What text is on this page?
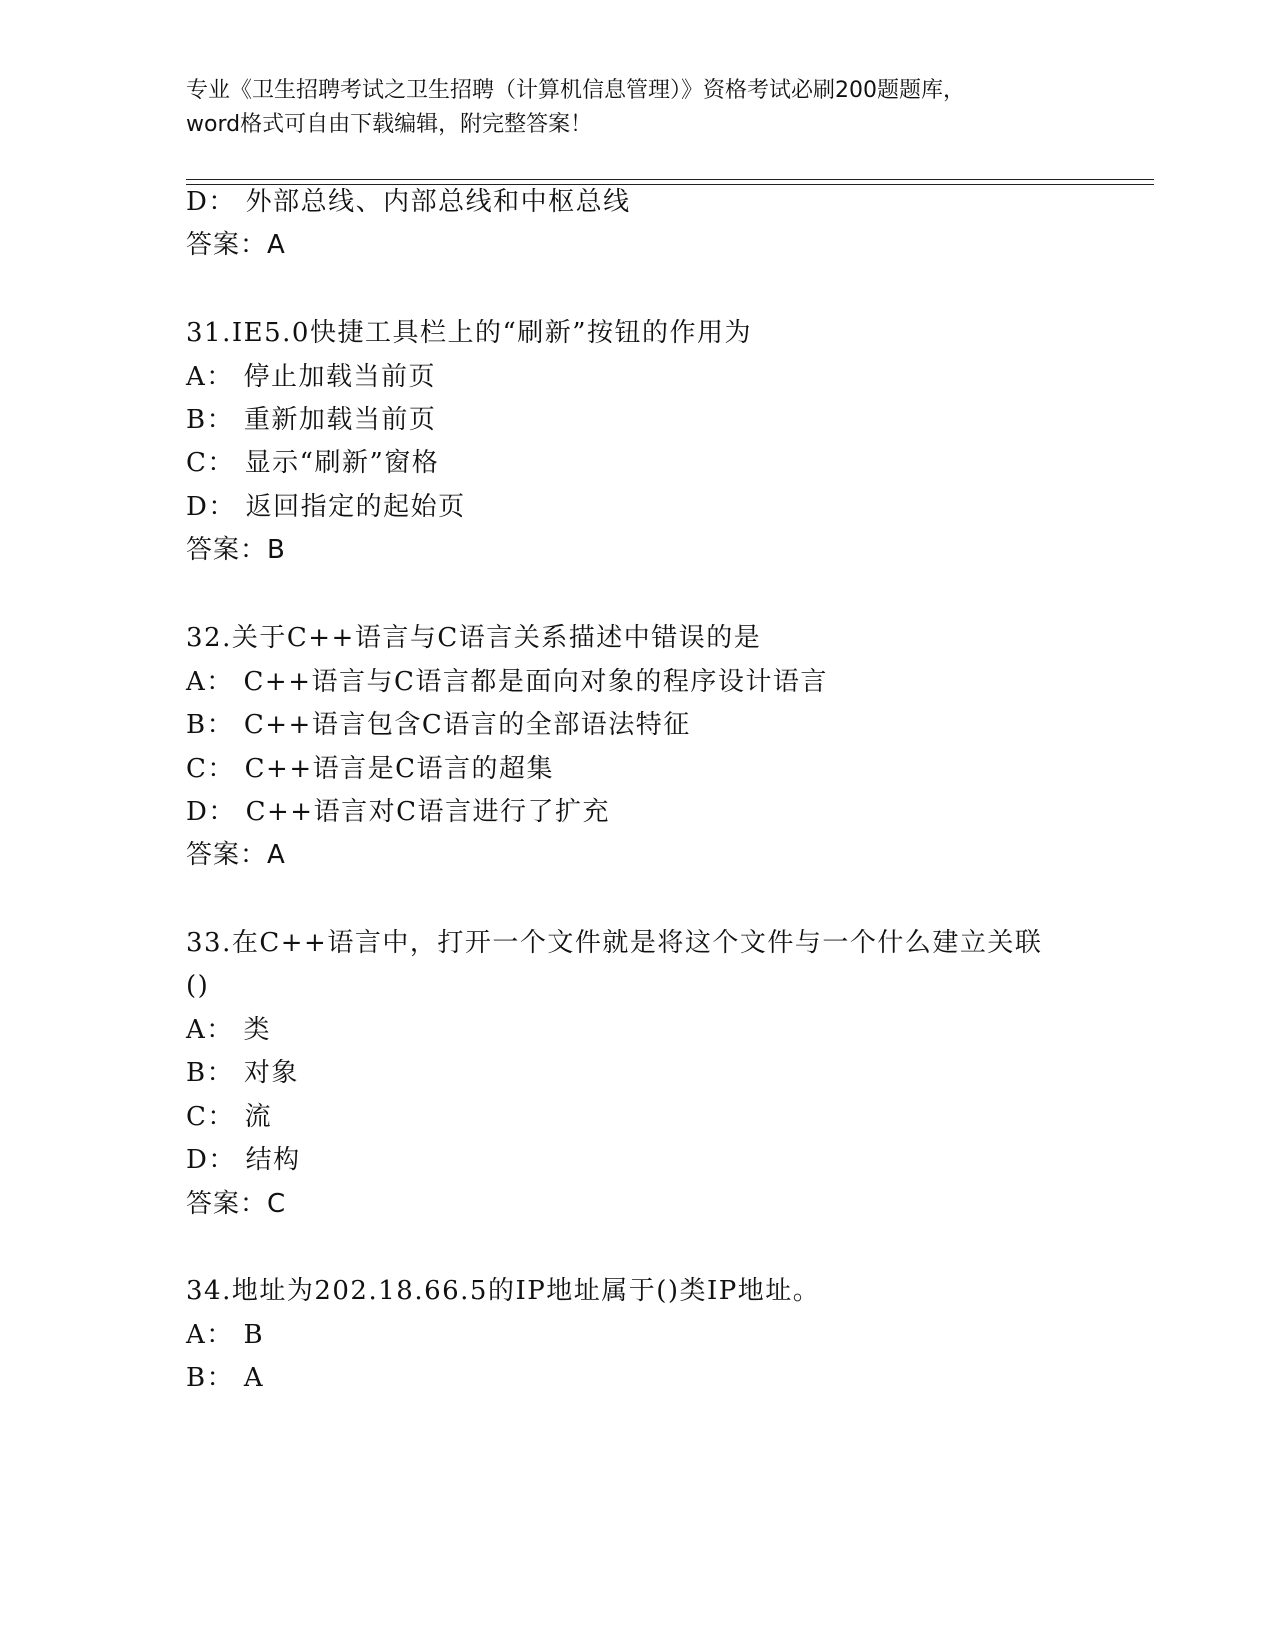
专业《卫生招聘考试之卫生招聘（计算机信息管理）》资格考试必刷200题题库，
word格式可自由下载编辑，附完整答案！
D： 外部总线、内部总线和中枢总线
答案：A
31.IE5.0快捷工具栏上的“刷新”按钮的作用为
A： 停止加载当前页
B： 重新加载当前页
C： 显示“刷新”窗格
D： 返回指定的起始页
答案：B
32.关于C++语言与C语言关系描述中错误的是
A： C++语言与C语言都是面向对象的程序设计语言
B： C++语言包含C语言的全部语法特征
C： C++语言是C语言的超集
D： C++语言对C语言进行了扩充
答案：A
33.在C++语言中，打开一个文件就是将这个文件与一个什么建立关联
()
A： 类
B： 对象
C： 流
D： 结构
答案：C
34.地址为202.18.66.5的IP地址属于()类IP地址。
A： B
B： A
